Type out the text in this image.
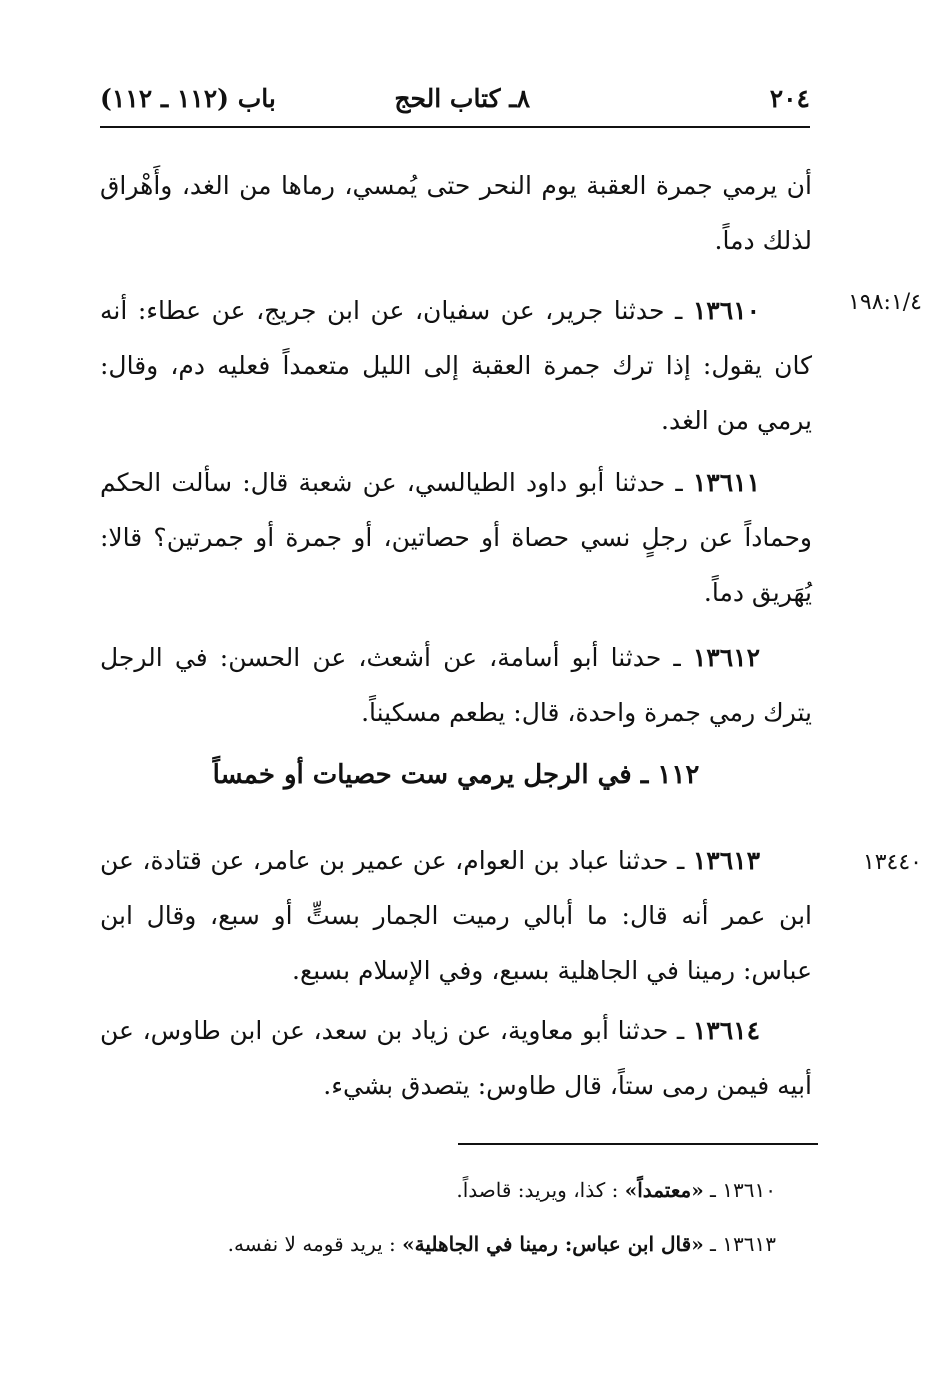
٢٠٤
٨ـ كتاب الحج
باب (١١٢ ـ ١١٢)
أن يرمي جمرة العقبة يوم النحر حتى يُمسي، رماها من الغد، وأَهْراق لذلك دماً.
١٩٨:١/٤
١٣٦١٠ ـ حدثنا جرير، عن سفيان، عن ابن جريج، عن عطاء: أنه كان يقول: إذا ترك جمرة العقبة إلى الليل متعمداً فعليه دم، وقال: يرمي من الغد.
١٣٦١١ ـ حدثنا أبو داود الطيالسي، عن شعبة قال: سألت الحكم وحماداً عن رجلٍ نسي حصاة أو حصاتين، أو جمرة أو جمرتين؟ قالا: يُهَريق دماً.
١٣٦١٢ ـ حدثنا أبو أسامة، عن أشعث، عن الحسن: في الرجل يترك رمي جمرة واحدة، قال: يطعم مسكيناً.
١١٢ ـ في الرجل يرمي ست حصيات أو خمساً
١٣٤٤٠
١٣٦١٣ ـ حدثنا عباد بن العوام، عن عمير بن عامر، عن قتادة، عن ابن عمر أنه قال: ما أبالي رميت الجمار بستٍّ أو سبع، وقال ابن عباس: رمينا في الجاهلية بسبع، وفي الإسلام بسبع.
١٣٦١٤ ـ حدثنا أبو معاوية، عن زياد بن سعد، عن ابن طاوس، عن أبيه فيمن رمى ستاً، قال طاوس: يتصدق بشيء.
١٣٦١٠ ـ «معتمداً» : كذا، ويريد: قاصداً.
١٣٦١٣ ـ «قال ابن عباس: رمينا في الجاهلية» : يريد قومه لا نفسه.
